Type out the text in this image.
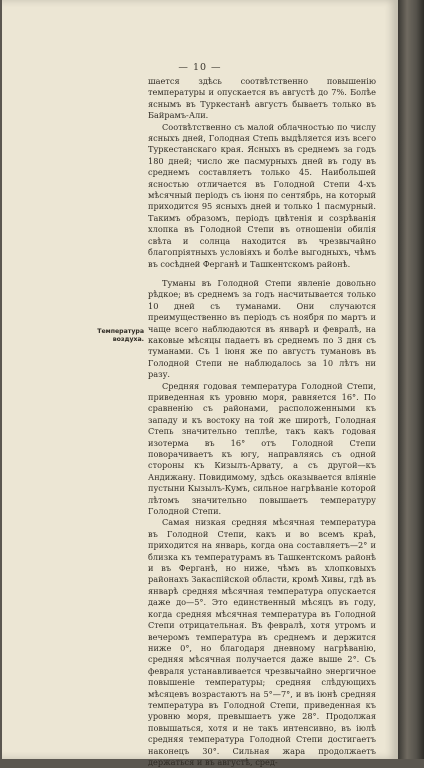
— 10 —
Температура воздуха.

шается здѣсь соотвѣтственно повышенію температуры и опускается въ августѣ до 7%. Болѣе яснымъ въ Туркестанѣ августъ бываетъ только въ Байрамъ-Али.

Соотвѣтственно съ малой облачностью по числу ясныхъ дней, Голодная Степь выдѣляется изъ всего Туркестанскаго края. Ясныхъ въ среднемъ за годъ 180 дней; число же пасмурныхъ дней въ году въ среднемъ составляетъ только 45. Наибольшей ясностью отличается въ Голодной Степи 4-хъ мѣсячный періодъ съ іюня по сентябрь, на который приходится 95 ясныхъ дней и только 1 пасмурный. Такимъ образомъ, періодъ цвѣтенія и созрѣванія хлопка въ Голодной Степи въ отношеніи обилія свѣта и солнца находится въ чрезвычайно благопріятныхъ условіяхъ и болѣе выгодныхъ, чѣмъ въ сосѣдней Ферганѣ и Ташкентскомъ районѣ.

Туманы въ Голодной Степи явленіе довольно рѣдкое; въ среднемъ за годъ насчитывается только 10 дней съ туманами. Они случаются преимущественно въ періодъ съ ноября по мартъ и чаще всего наблюдаются въ январѣ и февралѣ, на каковые мѣсяцы падаетъ въ среднемъ по 3 дня съ туманами. Съ 1 іюня же по августъ тумановъ въ Голодной Степи не наблюдалось за 10 лѣтъ ни разу.

Средняя годовая температура Голодной Степи, приведенная къ уровню моря, равняется 16°. По сравненію съ районами, расположенными къ западу и къ востоку на той же широтѣ, Голодная Степь значительно теплѣе, такъ какъ годовая изотерма въ 16° отъ Голодной Степи поворачиваетъ къ югу, направляясь съ одной стороны къ Кизылъ-Арвату, а съ другой—къ Андижану. Повидимому, здѣсь оказывается вліяніе пустыни Кызылъ-Кумъ, сильное нагрѣваніе которой лѣтомъ значительно повышаетъ температуру Голодной Степи.

Самая низкая средняя мѣсячная температура въ Голодной Степи, какъ и во всемъ краѣ, приходится на январь, когда она составляетъ—2° и близка къ температурамъ въ Ташкентскомъ районѣ и въ Ферганѣ, но ниже, чѣмъ въ хлопковыхъ районахъ Закаспійской области, кромѣ Хивы, гдѣ въ январѣ средняя мѣсячная температура опускается даже до—5°. Это единственный мѣсяцъ въ году, когда средняя мѣсячная температура въ Голодной Степи отрицательная. Въ февралѣ, хотя утромъ и вечеромъ температура въ среднемъ и держится ниже 0°, но благодаря дневному нагрѣванію, средняя мѣсячная получается даже выше 2°. Съ февраля устанавливается чрезвычайно энергичное повышеніе температуры; средняя слѣдующихъ мѣсяцевъ возрастаютъ на 5°—7°, и въ іюнѣ средняя температура въ Голодной Степи, приведенная къ уровню моря, превышаетъ уже 28°. Продолжая повышаться, хотя и не такъ интенсивно, въ іюлѣ средняя температура Голодной Степи достигаетъ наконецъ 30°. Сильная жара продолжаетъ держаться и въ августѣ, сред-
